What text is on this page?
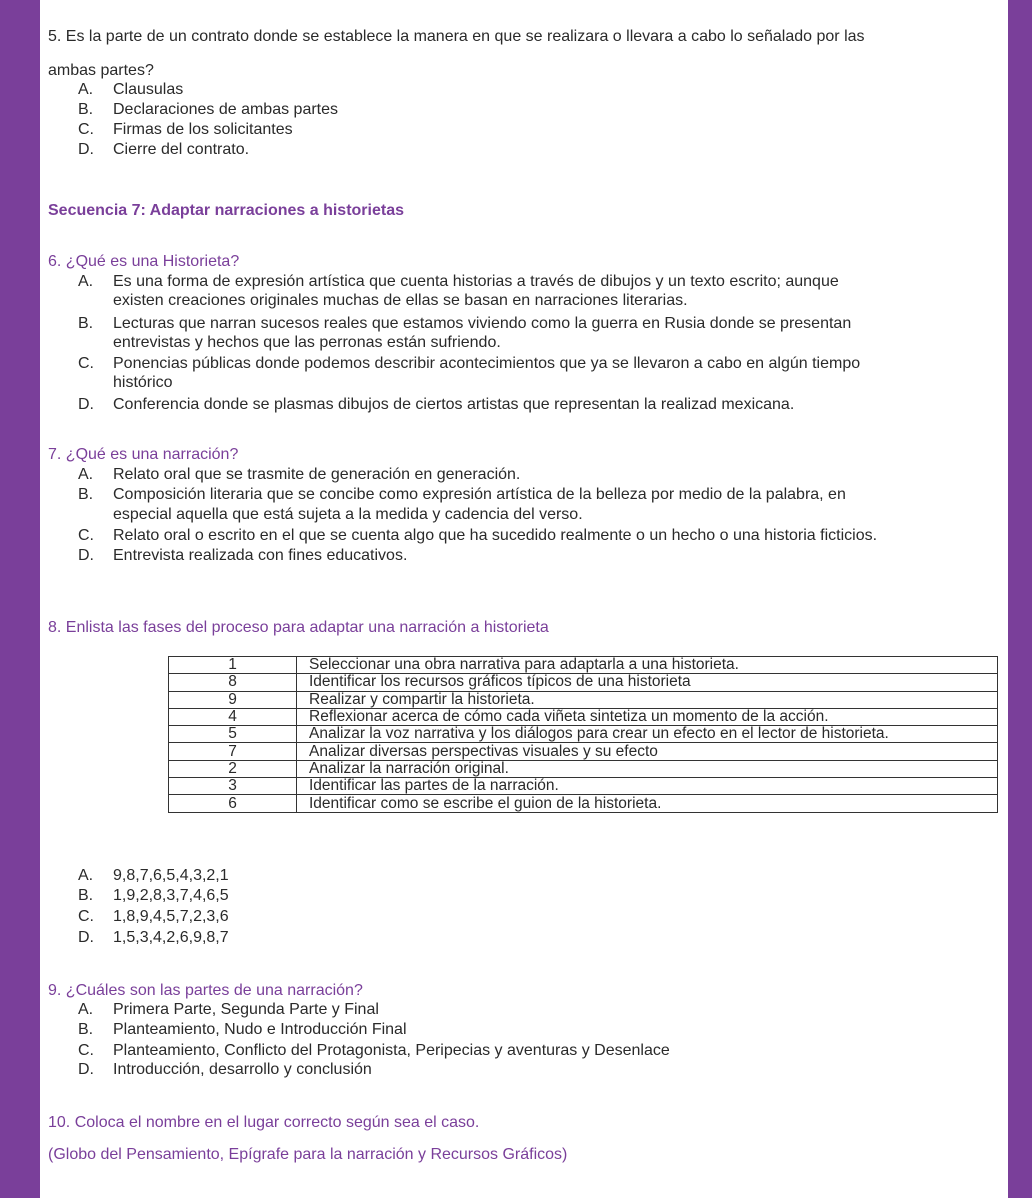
5. Es la parte de un contrato donde se establece la manera en que se realizara o llevara a cabo lo señalado por las
ambas partes?
A. Clausulas
B. Declaraciones de ambas partes
C. Firmas de los solicitantes
D. Cierre del contrato.
Secuencia 7: Adaptar narraciones a historietas
6. ¿Qué es una Historieta?
A. Es una forma de expresión artística que cuenta historias a través de dibujos y un texto escrito; aunque
existen creaciones originales muchas de ellas se basan en narraciones literarias.
B. Lecturas que narran sucesos reales que estamos viviendo como la guerra en Rusia donde se presentan
entrevistas y hechos que las perronas están sufriendo.
C. Ponencias públicas donde podemos describir acontecimientos que ya se llevaron a cabo en algún tiempo
histórico
D. Conferencia donde se plasmas dibujos de ciertos artistas que representan la realizad mexicana.
7. ¿Qué es una narración?
A. Relato oral que se trasmite de generación en generación.
B. Composición literaria que se concibe como expresión artística de la belleza por medio de la palabra, en
especial aquella que está sujeta a la medida y cadencia del verso.
C. Relato oral o escrito en el que se cuenta algo que ha sucedido realmente o un hecho o una historia ficticios.
D. Entrevista realizada con fines educativos.
8. Enlista las fases del proceso para adaptar una narración a historieta
1	Seleccionar una obra narrativa para adaptarla a una historieta.
8	Identificar los recursos gráficos típicos de una historieta
9	Realizar y compartir la historieta.
4	Reflexionar acerca de cómo cada viñeta sintetiza un momento de la acción.
5	Analizar la voz narrativa y los diálogos para crear un efecto en el lector de historieta.
7	Analizar diversas perspectivas visuales y su efecto
2	Analizar la narración original.
3	Identificar las partes de la narración.
6	Identificar como se escribe el guion de la historieta.
A. 9,8,7,6,5,4,3,2,1
B. 1,9,2,8,3,7,4,6,5
C. 1,8,9,4,5,7,2,3,6
D. 1,5,3,4,2,6,9,8,7
9. ¿Cuáles son las partes de una narración?
A. Primera Parte, Segunda Parte y Final
B. Planteamiento, Nudo e Introducción Final
C. Planteamiento, Conflicto del Protagonista, Peripecias y aventuras y Desenlace
D. Introducción, desarrollo y conclusión
10. Coloca el nombre en el lugar correcto según sea el caso.
(Globo del Pensamiento, Epígrafe para la narración y Recursos Gráficos)
